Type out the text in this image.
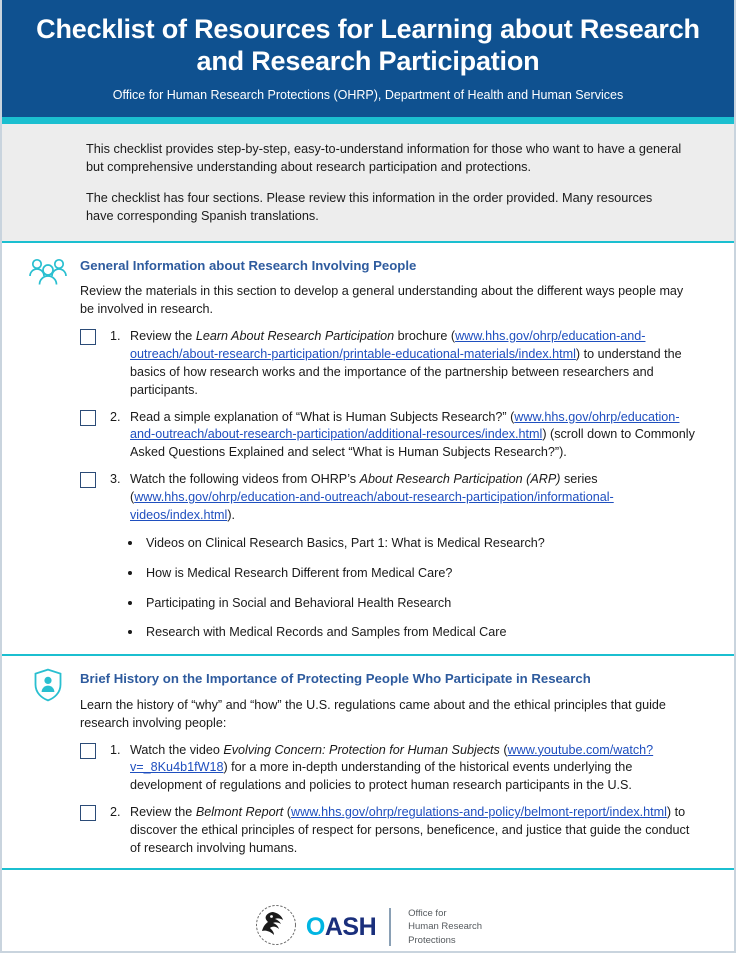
Checklist of Resources for Learning about Research and Research Participation
Office for Human Research Protections (OHRP), Department of Health and Human Services

This checklist provides step-by-step, easy-to-understand information for those who want to have a general but comprehensive understanding about research participation and protections.

The checklist has four sections. Please review this information in the order provided. Many resources have corresponding Spanish translations.

General Information about Research Involving People

Review the materials in this section to develop a general understanding about the different ways people may be involved in research.

1. Review the Learn About Research Participation brochure (www.hhs.gov/ohrp/education-and-outreach/about-research-participation/printable-educational-materials/index.html) to understand the basics of how research works and the importance of the partnership between researchers and participants.
2. Read a simple explanation of “What is Human Subjects Research?” (www.hhs.gov/ohrp/education-and-outreach/about-research-participation/additional-resources/index.html) (scroll down to Commonly Asked Questions Explained and select “What is Human Subjects Research?”).
3. Watch the following videos from OHRP’s About Research Participation (ARP) series (www.hhs.gov/ohrp/education-and-outreach/about-research-participation/informational-videos/index.html).
Videos on Clinical Research Basics, Part 1: What is Medical Research?
How is Medical Research Different from Medical Care?
Participating in Social and Behavioral Health Research
Research with Medical Records and Samples from Medical Care
Brief History on the Importance of Protecting People Who Participate in Research

Learn the history of “why” and “how” the U.S. regulations came about and the ethical principles that guide research involving people:

1. Watch the video Evolving Concern: Protection for Human Subjects (www.youtube.com/watch?v=_8Ku4b1fW18) for a more in-depth understanding of the historical events underlying the development of regulations and policies to protect human research participants in the U.S.
2. Review the Belmont Report (www.hhs.gov/ohrp/regulations-and-policy/belmont-report/index.html) to discover the ethical principles of respect for persons, beneficence, and justice that guide the conduct of research involving humans.
OASH	Office for
Human Research
Protections
